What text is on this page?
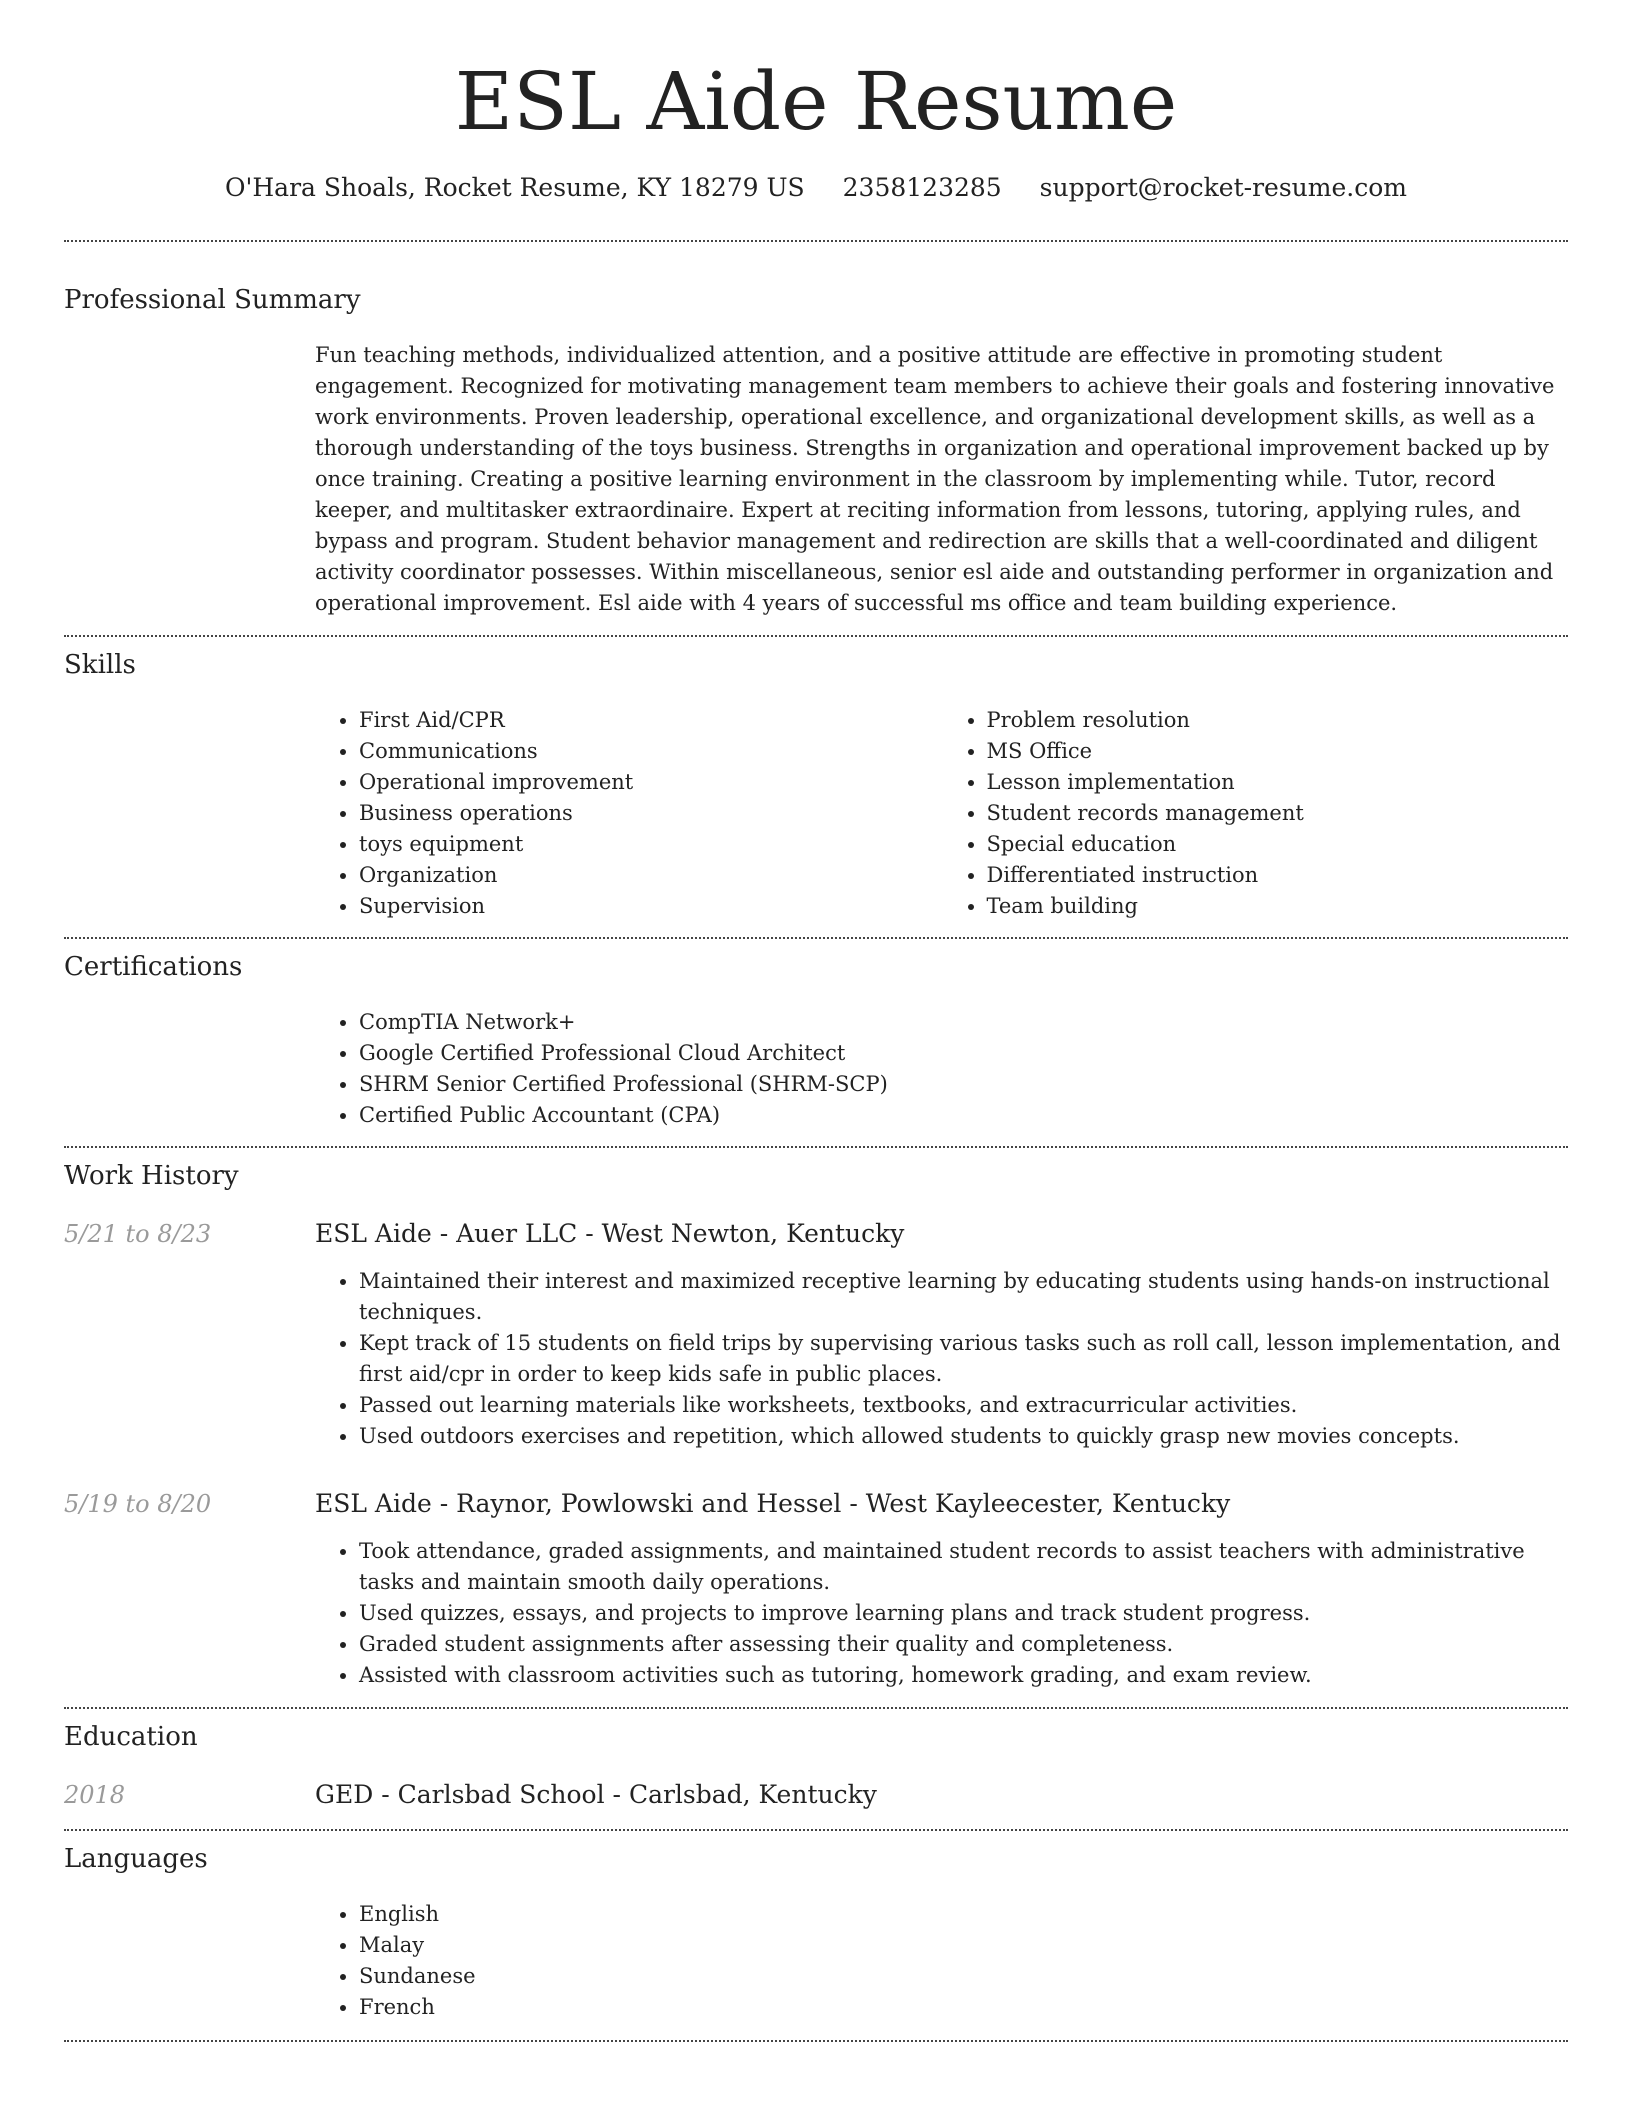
ESL Aide Resume
O'Hara Shoals, Rocket Resume, KY 18279 US 2358123285 support@rocket-resume.com
Professional Summary

Fun teaching methods, individualized attention, and a positive attitude are effective in promoting student engagement. Recognized for motivating management team members to achieve their goals and fostering innovative work environments. Proven leadership, operational excellence, and organizational development skills, as well as a thorough understanding of the toys business. Strengths in organization and operational improvement backed up by once training. Creating a positive learning environment in the classroom by implementing while. Tutor, record keeper, and multitasker extraordinaire. Expert at reciting information from lessons, tutoring, applying rules, and bypass and program. Student behavior management and redirection are skills that a well-coordinated and diligent activity coordinator possesses. Within miscellaneous, senior esl aide and outstanding performer in organization and operational improvement. Esl aide with 4 years of successful ms office and team building experience.

Skills
• First Aid/CPR
• Communications
• Operational improvement
• Business operations
• toys equipment
• Organization
• Supervision
• Problem resolution
• MS Office
• Lesson implementation
• Student records management
• Special education
• Differentiated instruction
• Team building
Certifications
• CompTIA Network+
• Google Certified Professional Cloud Architect
• SHRM Senior Certified Professional (SHRM-SCP)
• Certified Public Accountant (CPA)
Work History
5/21 to 8/23	ESL Aide - Auer LLC - West Newton, Kentucky
• Maintained their interest and maximized receptive learning by educating students using hands-on instructional techniques.
• Kept track of 15 students on field trips by supervising various tasks such as roll call, lesson implementation, and first aid/cpr in order to keep kids safe in public places.
• Passed out learning materials like worksheets, textbooks, and extracurricular activities.
• Used outdoors exercises and repetition, which allowed students to quickly grasp new movies concepts.
5/19 to 8/20	ESL Aide - Raynor, Powlowski and Hessel - West Kayleecester, Kentucky
• Took attendance, graded assignments, and maintained student records to assist teachers with administrative tasks and maintain smooth daily operations.
• Used quizzes, essays, and projects to improve learning plans and track student progress.
• Graded student assignments after assessing their quality and completeness.
• Assisted with classroom activities such as tutoring, homework grading, and exam review.
Education
2018	GED - Carlsbad School - Carlsbad, Kentucky
Languages
• English
• Malay
• Sundanese
• French
